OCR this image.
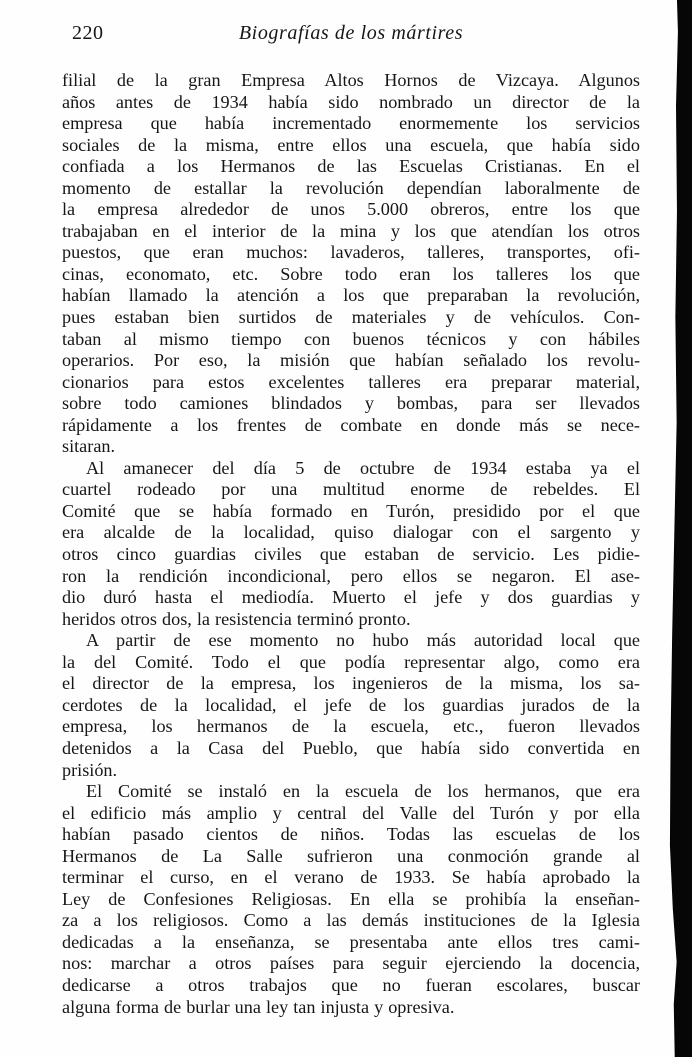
220	Biografías de los mártires
filial de la gran Empresa Altos Hornos de Vizcaya. Algunos
años antes de 1934 había sido nombrado un director de la
empresa que había incrementado enormemente los servicios
sociales de la misma, entre ellos una escuela, que había sido
confiada a los Hermanos de las Escuelas Cristianas. En el
momento de estallar la revolución dependían laboralmente de
la empresa alrededor de unos 5.000 obreros, entre los que
trabajaban en el interior de la mina y los que atendían los otros
puestos, que eran muchos: lavaderos, talleres, transportes, ofi-
cinas, economato, etc. Sobre todo eran los talleres los que
habían llamado la atención a los que preparaban la revolución,
pues estaban bien surtidos de materiales y de vehículos. Con-
taban al mismo tiempo con buenos técnicos y con hábiles
operarios. Por eso, la misión que habían señalado los revolu-
cionarios para estos excelentes talleres era preparar material,
sobre todo camiones blindados y bombas, para ser llevados
rápidamente a los frentes de combate en donde más se nece-
sitaran.
Al amanecer del día 5 de octubre de 1934 estaba ya el
cuartel rodeado por una multitud enorme de rebeldes. El
Comité que se había formado en Turón, presidido por el que
era alcalde de la localidad, quiso dialogar con el sargento y
otros cinco guardias civiles que estaban de servicio. Les pidie-
ron la rendición incondicional, pero ellos se negaron. El ase-
dio duró hasta el mediodía. Muerto el jefe y dos guardias y
heridos otros dos, la resistencia terminó pronto.
A partir de ese momento no hubo más autoridad local que
la del Comité. Todo el que podía representar algo, como era
el director de la empresa, los ingenieros de la misma, los sa-
cerdotes de la localidad, el jefe de los guardias jurados de la
empresa, los hermanos de la escuela, etc., fueron llevados
detenidos a la Casa del Pueblo, que había sido convertida en
prisión.
El Comité se instaló en la escuela de los hermanos, que era
el edificio más amplio y central del Valle del Turón y por ella
habían pasado cientos de niños. Todas las escuelas de los
Hermanos de La Salle sufrieron una conmoción grande al
terminar el curso, en el verano de 1933. Se había aprobado la
Ley de Confesiones Religiosas. En ella se prohibía la enseñan-
za a los religiosos. Como a las demás instituciones de la Iglesia
dedicadas a la enseñanza, se presentaba ante ellos tres cami-
nos: marchar a otros países para seguir ejerciendo la docencia,
dedicarse a otros trabajos que no fueran escolares, buscar
alguna forma de burlar una ley tan injusta y opresiva.
